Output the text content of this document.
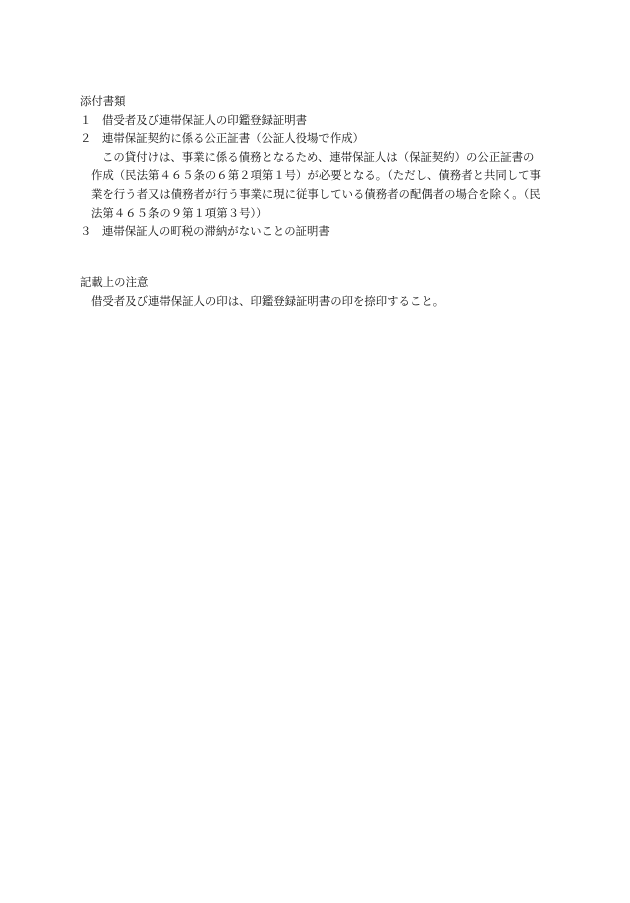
添付書類

１ 借受者及び連帯保証人の印鑑登録証明書
２ 連帯保証契約に係る公正証書（公証人役場で作成）
この貸付けは、事業に係る債務となるため、連帯保証人は（保証契約）の公正証書の
作成（民法第４６５条の６第２項第１号）が必要となる。（ただし、債務者と共同して事
業を行う者又は債務者が行う事業に現に従事している債務者の配偶者の場合を除く。（民
法第４６５条の９第１項第３号））
３ 連帯保証人の町税の滞納がないことの証明書

記載上の注意

借受者及び連帯保証人の印は、印鑑登録証明書の印を捺印すること。
